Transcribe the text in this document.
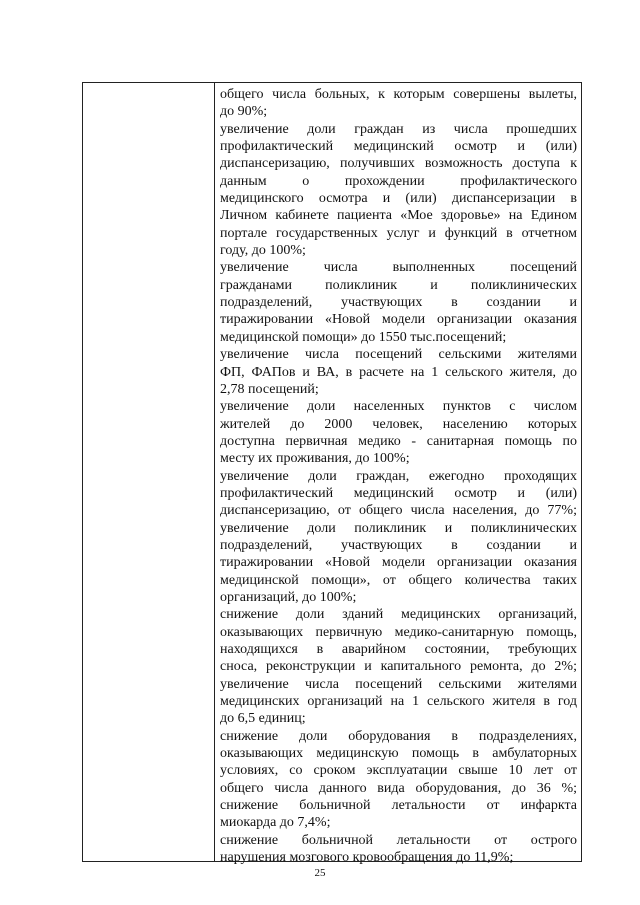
общего числа больных, к которым совершены вылеты,
до 90%;
увеличение доли граждан из числа прошедших
профилактический медицинский осмотр и (или)
диспансеризацию, получивших возможность доступа к
данным о прохождении профилактического
медицинского осмотра и (или) диспансеризации в
Личном кабинете пациента «Мое здоровье» на Едином
портале государственных услуг и функций в отчетном
году, до 100%;
увеличение числа выполненных посещений
гражданами поликлиник и поликлинических
подразделений, участвующих в создании и
тиражировании «Новой модели организации оказания
медицинской помощи» до 1550 тыс.посещений;
увеличение числа посещений сельскими жителями
ФП, ФАПов и ВА, в расчете на 1 сельского жителя, до
2,78 посещений;
увеличение доли населенных пунктов с числом
жителей до 2000 человек, населению которых
доступна первичная медико - санитарная помощь по
месту их проживания, до 100%;
увеличение доли граждан, ежегодно проходящих
профилактический медицинский осмотр и (или)
диспансеризацию, от общего числа населения, до 77%;
увеличение доли поликлиник и поликлинических
подразделений, участвующих в создании и
тиражировании «Новой модели организации оказания
медицинской помощи», от общего количества таких
организаций, до 100%;
снижение доли зданий медицинских организаций,
оказывающих первичную медико-санитарную помощь,
находящихся в аварийном состоянии, требующих
сноса, реконструкции и капитального ремонта, до 2%;
увеличение числа посещений сельскими жителями
медицинских организаций на 1 сельского жителя в год
до 6,5 единиц;
снижение доли оборудования в подразделениях,
оказывающих медицинскую помощь в амбулаторных
условиях, со сроком эксплуатации свыше 10 лет от
общего числа данного вида оборудования, до 36 %;
снижение больничной летальности от инфаркта
миокарда до 7,4%;
снижение больничной летальности от острого
нарушения мозгового кровообращения до 11,9%;
25
